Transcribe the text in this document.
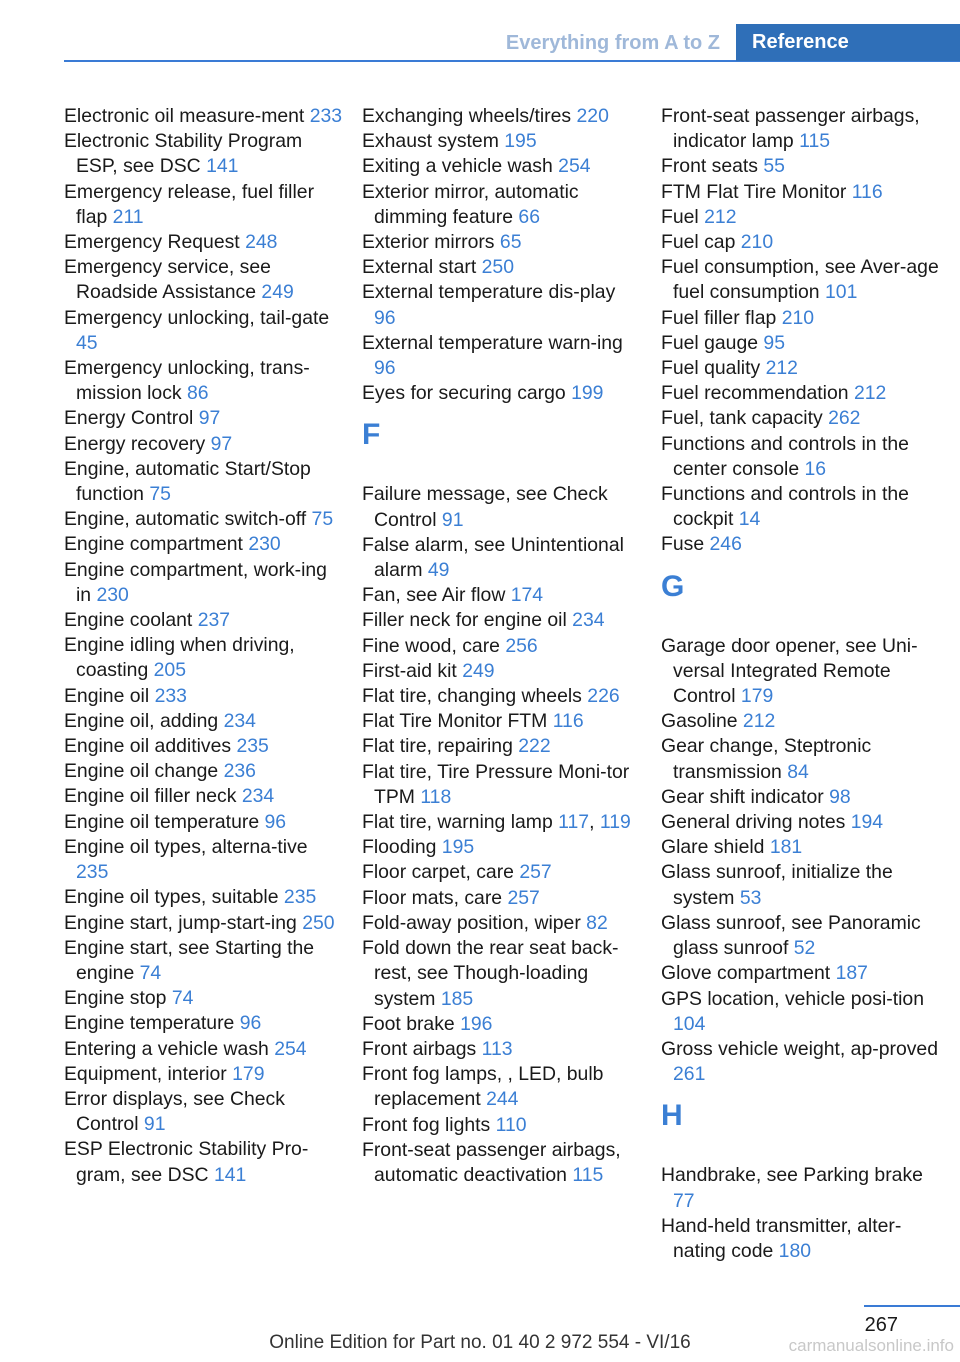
Everything from A to Z	Reference
Electronic oil measure-ment 233
Electronic Stability Program ESP, see DSC 141
Emergency release, fuel filler flap 211
Emergency Request 248
Emergency service, see Roadside Assistance 249
Emergency unlocking, tail-gate 45
Emergency unlocking, trans-mission lock 86
Energy Control 97
Energy recovery 97
Engine, automatic Start/Stop function 75
Engine, automatic switch-off 75
Engine compartment 230
Engine compartment, work-ing in 230
Engine coolant 237
Engine idling when driving, coasting 205
Engine oil 233
Engine oil, adding 234
Engine oil additives 235
Engine oil change 236
Engine oil filler neck 234
Engine oil temperature 96
Engine oil types, alterna-tive 235
Engine oil types, suitable 235
Engine start, jump-start-ing 250
Engine start, see Starting the engine 74
Engine stop 74
Engine temperature 96
Entering a vehicle wash 254
Equipment, interior 179
Error displays, see Check Control 91
ESP Electronic Stability Pro-gram, see DSC 141
Exchanging wheels/tires 220
Exhaust system 195
Exiting a vehicle wash 254
Exterior mirror, automatic dimming feature 66
Exterior mirrors 65
External start 250
External temperature dis-play 96
External temperature warn-ing 96
Eyes for securing cargo 199
F
Failure message, see Check Control 91
False alarm, see Unintentional alarm 49
Fan, see Air flow 174
Filler neck for engine oil 234
Fine wood, care 256
First-aid kit 249
Flat tire, changing wheels 226
Flat Tire Monitor FTM 116
Flat tire, repairing 222
Flat tire, Tire Pressure Moni-tor TPM 118
Flat tire, warning lamp 117, 119
Flooding 195
Floor carpet, care 257
Floor mats, care 257
Fold-away position, wiper 82
Fold down the rear seat back-rest, see Though-loading system 185
Foot brake 196
Front airbags 113
Front fog lamps, , LED, bulb replacement 244
Front fog lights 110
Front-seat passenger airbags, automatic deactivation 115
Front-seat passenger airbags, indicator lamp 115
Front seats 55
FTM Flat Tire Monitor 116
Fuel 212
Fuel cap 210
Fuel consumption, see Aver-age fuel consumption 101
Fuel filler flap 210
Fuel gauge 95
Fuel quality 212
Fuel recommendation 212
Fuel, tank capacity 262
Functions and controls in the center console 16
Functions and controls in the cockpit 14
Fuse 246
G
Garage door opener, see Uni-versal Integrated Remote Control 179
Gasoline 212
Gear change, Steptronic transmission 84
Gear shift indicator 98
General driving notes 194
Glare shield 181
Glass sunroof, initialize the system 53
Glass sunroof, see Panoramic glass sunroof 52
Glove compartment 187
GPS location, vehicle posi-tion 104
Gross vehicle weight, ap-proved 261
H
Handbrake, see Parking brake 77
Hand-held transmitter, alter-nating code 180
267
Online Edition for Part no. 01 40 2 972 554 - VI/16	carmanualsonline.info
